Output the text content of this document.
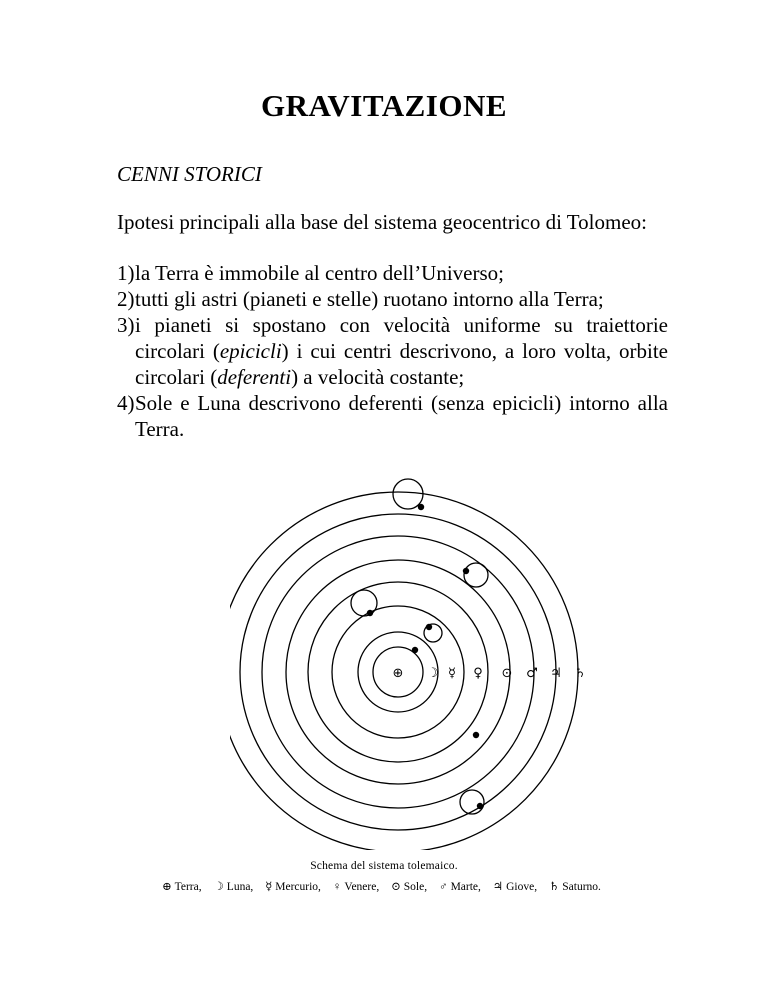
GRAVITAZIONE
CENNI STORICI
Ipotesi principali alla base del sistema geocentrico di Tolomeo:
1) la Terra è immobile al centro dell’Universo;
2) tutti gli astri (pianeti e stelle) ruotano intorno alla Terra;
3) i pianeti si spostano con velocità uniforme su traiettorie circolari (epicicli) i cui centri descrivono, a loro volta, orbite circolari (deferenti) a velocità costante;
4) Sole e Luna descrivono deferenti (senza epicicli) intorno alla Terra.
⊕ ☽ ☿ ♀ ⊙ ♂ ♃ ♄
Schema del sistema tolemaico.
⊕ Terra, ☽ Luna, ☿ Mercurio, ♀ Venere, ⊙ Sole, ♂ Marte, ♃ Giove, ♄ Saturno.
